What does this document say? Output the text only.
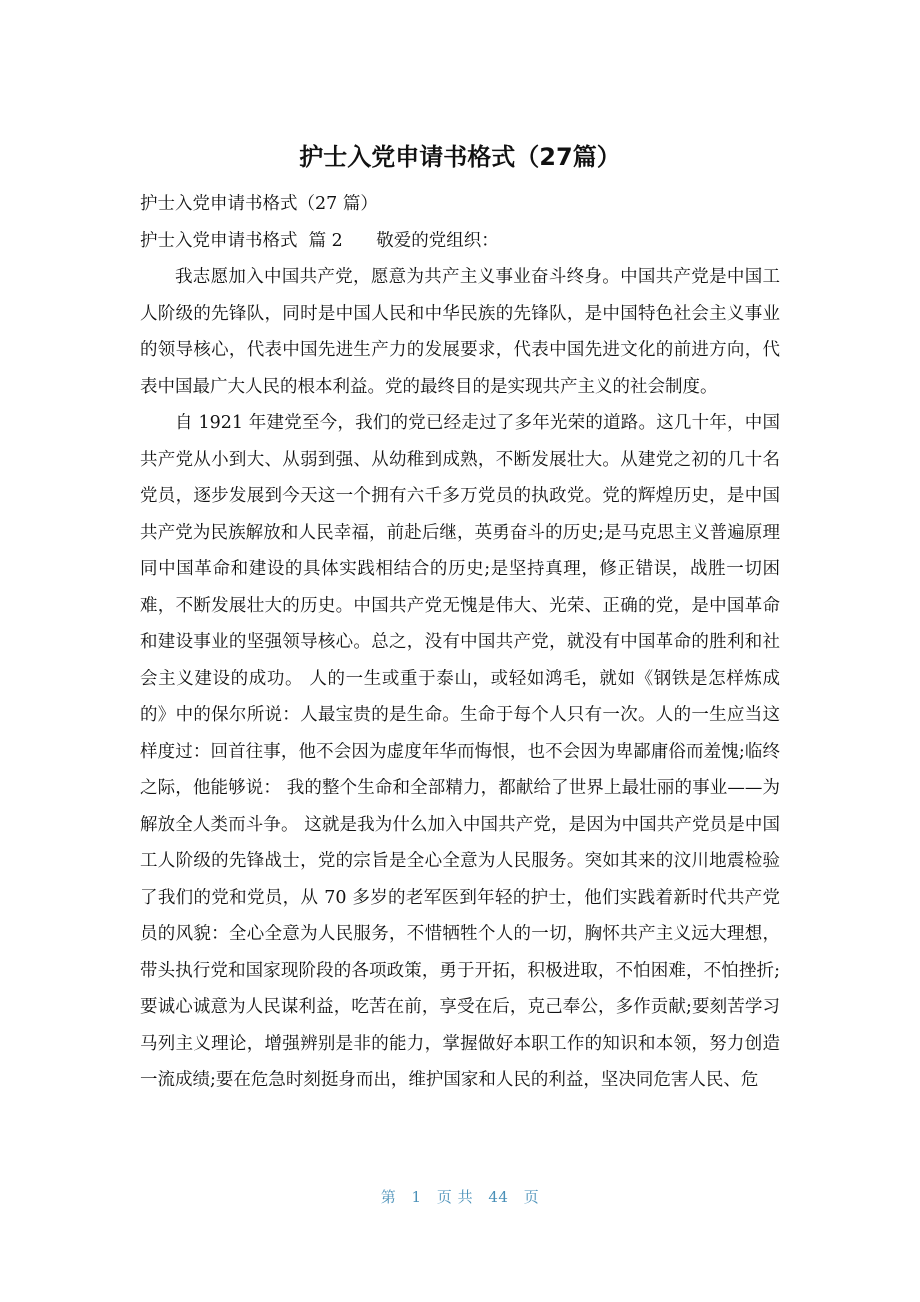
护士入党申请书格式（27篇）

护士入党申请书格式（27 篇）

护士入党申请书格式  篇 2      敬爱的党组织：

我志愿加入中国共产党，愿意为共产主义事业奋斗终身。中国共产党是中国工人阶级的先锋队，同时是中国人民和中华民族的先锋队，是中国特色社会主义事业的领导核心，代表中国先进生产力的发展要求，代表中国先进文化的前进方向，代表中国最广大人民的根本利益。党的最终目的是实现共产主义的社会制度。

自 1921 年建党至今，我们的党已经走过了多年光荣的道路。这几十年，中国共产党从小到大、从弱到强、从幼稚到成熟，不断发展壮大。从建党之初的几十名党员，逐步发展到今天这一个拥有六千多万党员的执政党。党的辉煌历史，是中国共产党为民族解放和人民幸福，前赴后继，英勇奋斗的历史;是马克思主义普遍原理同中国革命和建设的具体实践相结合的历史;是坚持真理，修正错误，战胜一切困难，不断发展壮大的历史。中国共产党无愧是伟大、光荣、正确的党，是中国革命和建设事业的坚强领导核心。总之，没有中国共产党，就没有中国革命的胜利和社会主义建设的成功。 人的一生或重于泰山，或轻如鸿毛，就如《钢铁是怎样炼成的》中的保尔所说：人最宝贵的是生命。生命于每个人只有一次。人的一生应当这样度过：回首往事，他不会因为虚度年华而悔恨，也不会因为卑鄙庸俗而羞愧;临终之际，他能够说： 我的整个生命和全部精力，都献给了世界上最壮丽的事业——为解放全人类而斗争。 这就是我为什么加入中国共产党，是因为中国共产党员是中国工人阶级的先锋战士，党的宗旨是全心全意为人民服务。突如其来的汶川地震检验了我们的党和党员，从 70 多岁的老军医到年轻的护士，他们实践着新时代共产党员的风貌：全心全意为人民服务，不惜牺牲个人的一切，胸怀共产主义远大理想，带头执行党和国家现阶段的各项政策，勇于开拓，积极进取，不怕困难，不怕挫折;要诚心诚意为人民谋利益，吃苦在前，享受在后，克己奉公，多作贡献;要刻苦学习马列主义理论，增强辨别是非的能力，掌握做好本职工作的知识和本领，努力创造一流成绩;要在危急时刻挺身而出，维护国家和人民的利益，坚决同危害人民、危

第 1 页 共 44 页
